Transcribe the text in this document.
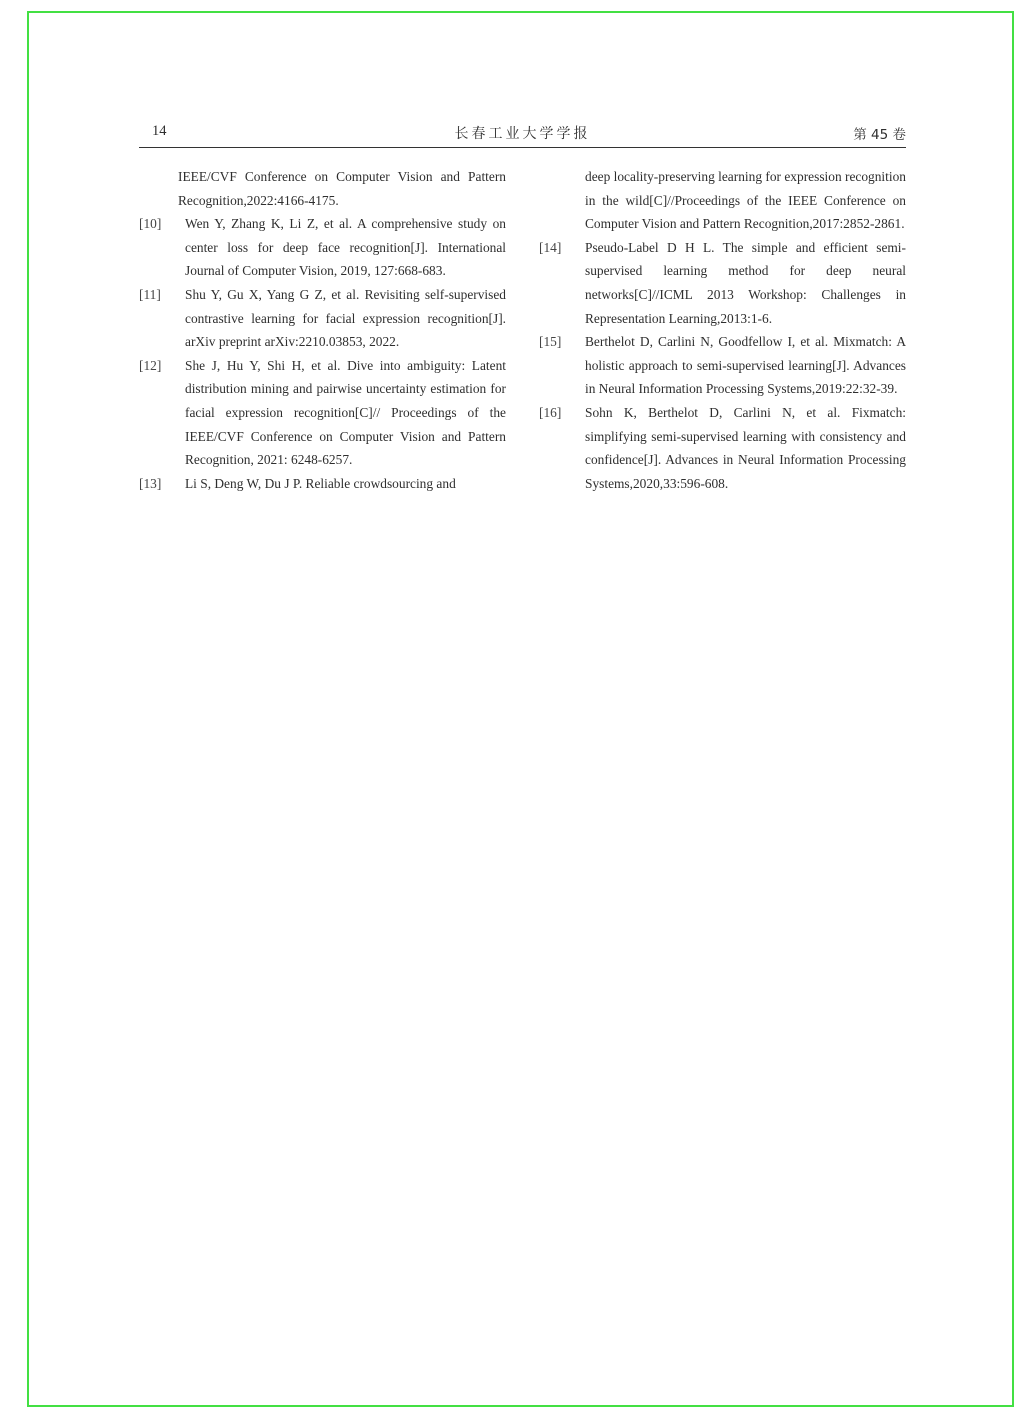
14	长春工业大学学报	第 45 卷

IEEE/CVF Conference on Computer Vision and Pattern Recognition,2022:4166-4175.

[10] Wen Y, Zhang K, Li Z, et al. A comprehensive study on center loss for deep face recognition[J]. International Journal of Computer Vision, 2019, 127:668-683.
[11] Shu Y, Gu X, Yang G Z, et al. Revisiting self-supervised contrastive learning for facial expression recognition[J]. arXiv preprint arXiv:2210.03853, 2022.
[12] She J, Hu Y, Shi H, et al. Dive into ambiguity: Latent distribution mining and pairwise uncertainty estimation for facial expression recognition[C]// Proceedings of the IEEE/CVF Conference on Computer Vision and Pattern Recognition, 2021: 6248-6257.
[13] Li S, Deng W, Du J P. Reliable crowdsourcing and

deep locality-preserving learning for expression recognition in the wild[C]//Proceedings of the IEEE Conference on Computer Vision and Pattern Recognition,2017:2852-2861.

[14] Pseudo-Label D H L. The simple and efficient semi-supervised learning method for deep neural networks[C]//ICML 2013 Workshop: Challenges in Representation Learning,2013:1-6.
[15] Berthelot D, Carlini N, Goodfellow I, et al. Mixmatch: A holistic approach to semi-supervised learning[J]. Advances in Neural Information Processing Systems,2019:22:32-39.
[16] Sohn K, Berthelot D, Carlini N, et al. Fixmatch: simplifying semi-supervised learning with consistency and confidence[J]. Advances in Neural Information Processing Systems,2020,33:596-608.
